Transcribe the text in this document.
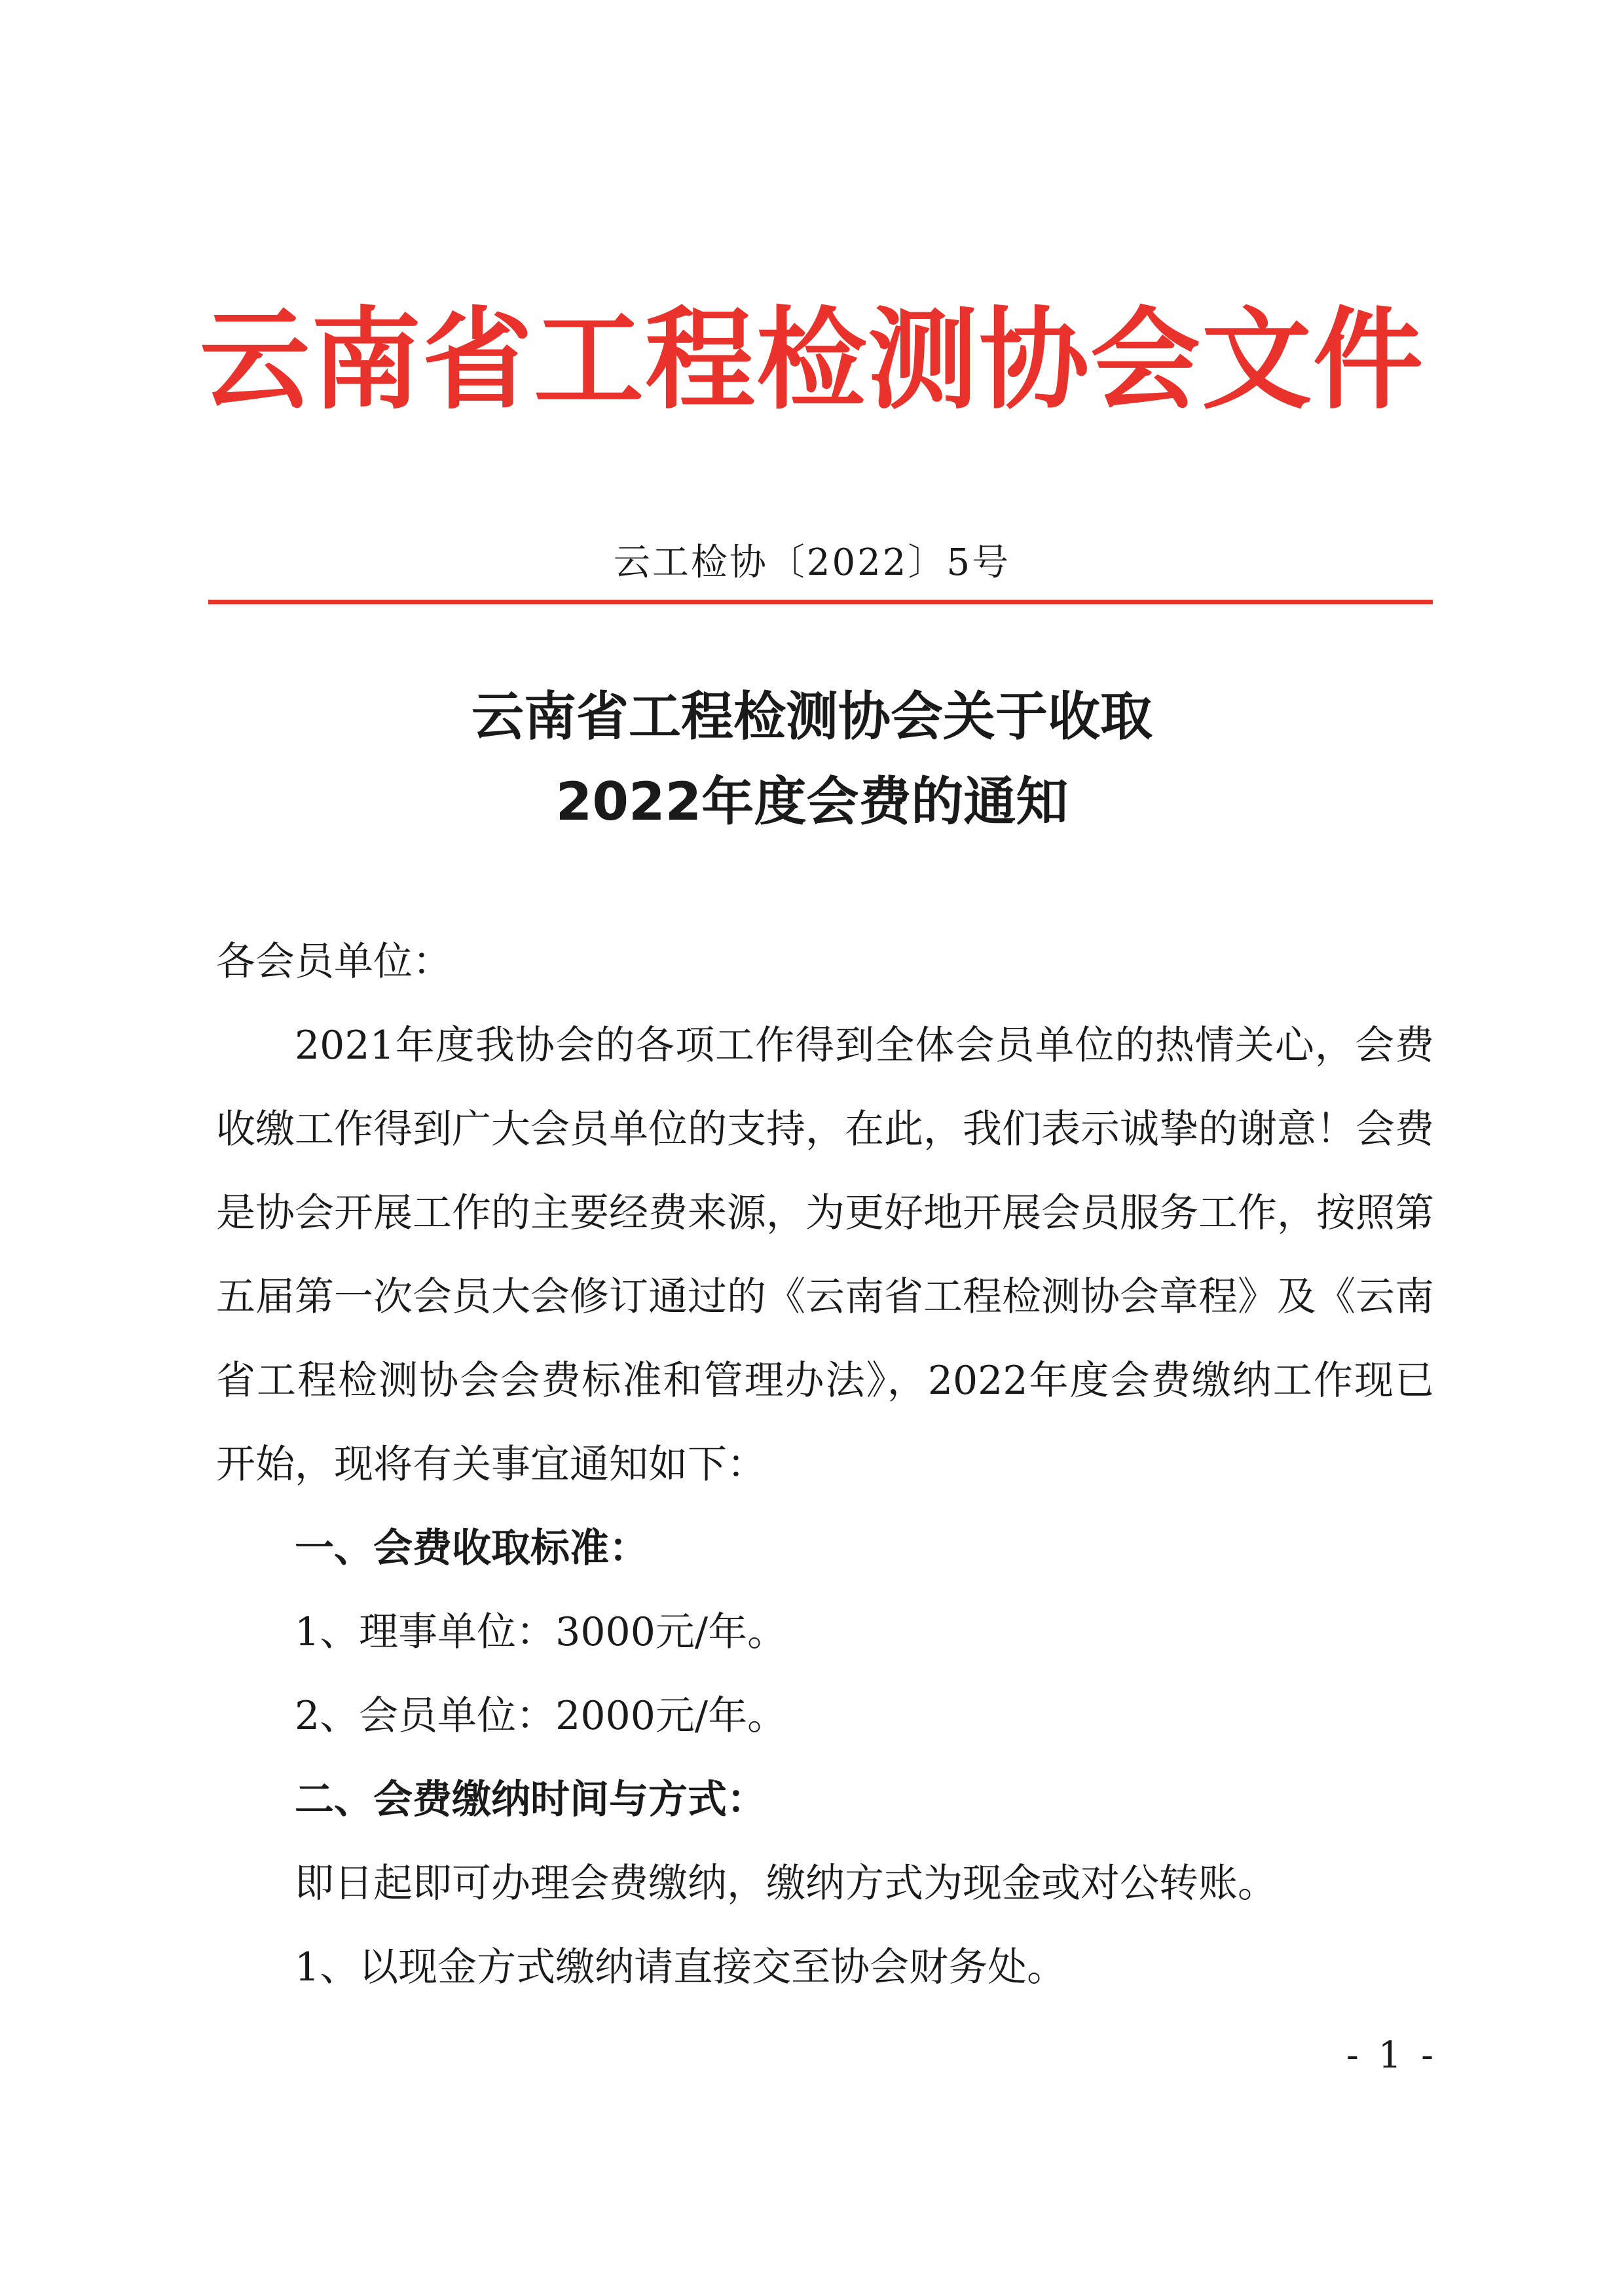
云南省工程检测协会文件
云工检协〔2022〕5号
云南省工程检测协会关于收取
2022年度会费的通知

各会员单位：

2021年度我协会的各项工作得到全体会员单位的热情关心，会费收缴工作得到广大会员单位的支持，在此，我们表示诚挚的谢意！会费是协会开展工作的主要经费来源，为更好地开展会员服务工作，按照第五届第一次会员大会修订通过的《云南省工程检测协会章程》及《云南省工程检测协会会费标准和管理办法》，2022年度会费缴纳工作现已开始，现将有关事宜通知如下：

一、会费收取标准：

1、理事单位：3000元/年。

2、会员单位：2000元/年。

二、会费缴纳时间与方式：

即日起即可办理会费缴纳，缴纳方式为现金或对公转账。

1、以现金方式缴纳请直接交至协会财务处。

- 1 -
